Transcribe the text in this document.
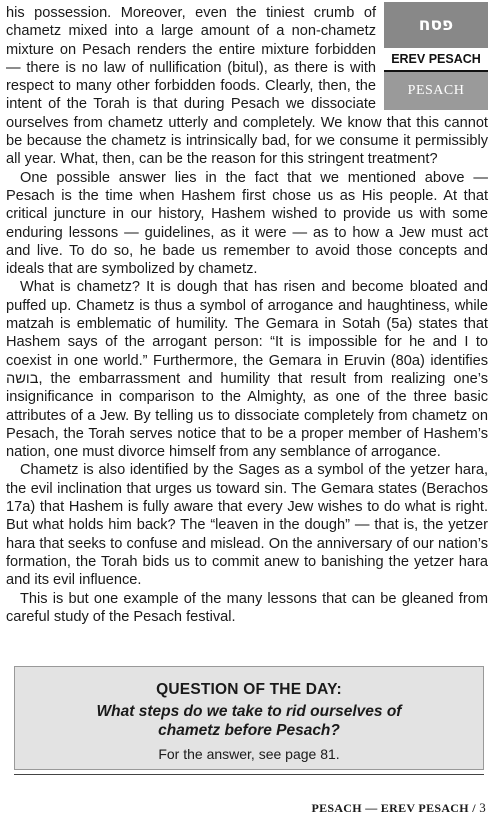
פסח
EREV PESACH
PESACH

his possession. Moreover, even the tiniest crumb of chametz mixed into a large amount of a non-chametz mixture on Pesach renders the entire mixture forbidden — there is no law of nullification (bitul), as there is with respect to many other forbidden foods. Clearly, then, the intent of the Torah is that during Pesach we dissociate ourselves from chametz utterly and completely. We know that this cannot be because the chametz is intrinsically bad, for we consume it permissibly all year. What, then, can be the reason for this stringent treatment?

One possible answer lies in the fact that we mentioned above — Pesach is the time when Hashem first chose us as His people. At that critical juncture in our history, Hashem wished to provide us with some enduring lessons — guidelines, as it were — as to how a Jew must act and live. To do so, he bade us remember to avoid those concepts and ideals that are symbolized by chametz.

What is chametz? It is dough that has risen and become bloated and puffed up. Chametz is thus a symbol of arrogance and haughtiness, while matzah is emblematic of humility. The Gemara in Sotah (5a) states that Hashem says of the arrogant person: “It is impossible for he and I to coexist in one world.” Furthermore, the Gemara in Eruvin (80a) identifies בושה, the embarrassment and humility that result from realizing one’s insignificance in comparison to the Almighty, as one of the three basic attributes of a Jew. By telling us to dissociate completely from chametz on Pesach, the Torah serves notice that to be a proper member of Hashem’s nation, one must divorce himself from any semblance of arrogance.

Chametz is also identified by the Sages as a symbol of the yetzer hara, the evil inclination that urges us toward sin. The Gemara states (Berachos 17a) that Hashem is fully aware that every Jew wishes to do what is right. But what holds him back? The “leaven in the dough” — that is, the yetzer hara that seeks to confuse and mislead. On the anniversary of our nation’s formation, the Torah bids us to commit anew to banishing the yetzer hara and its evil influence.

This is but one example of the many lessons that can be gleaned from careful study of the Pesach festival.

QUESTION OF THE DAY:
What steps do we take to rid ourselves of chametz before Pesach?
For the answer, see page 81.
PESACH — EREV PESACH / 3
